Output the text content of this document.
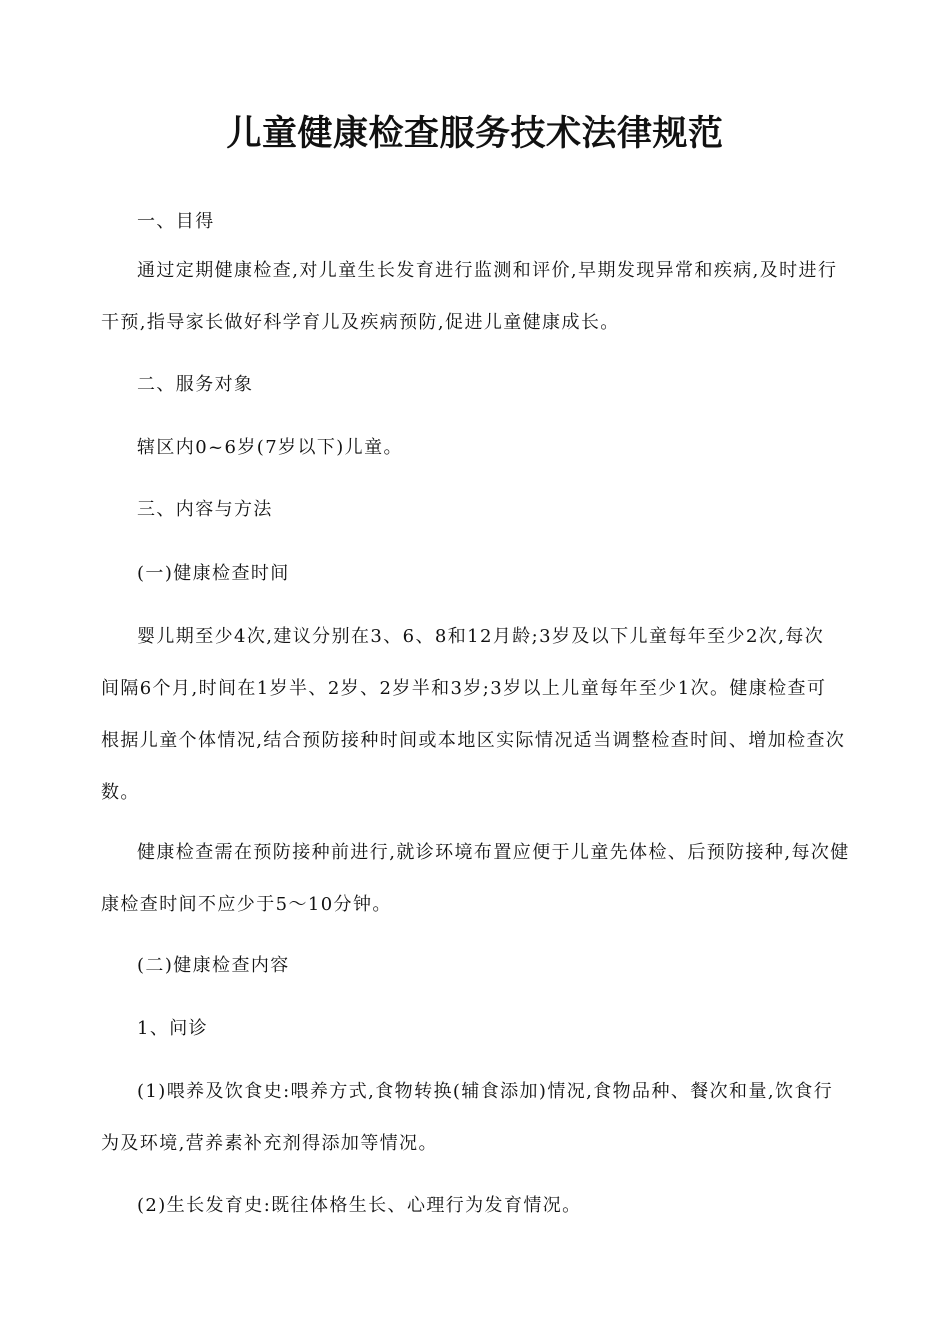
儿童健康检查服务技术法律规范

一、目得

通过定期健康检查,对儿童生长发育进行监测和评价,早期发现异常和疾病,及时进行
干预,指导家长做好科学育儿及疾病预防,促进儿童健康成长。

二、服务对象

辖区内0~6岁(7岁以下)儿童。

三、内容与方法

(一)健康检查时间

婴儿期至少4次,建议分别在3、6、8和12月龄;3岁及以下儿童每年至少2次,每次
间隔6个月,时间在1岁半、2岁、2岁半和3岁;3岁以上儿童每年至少1次。健康检查可
根据儿童个体情况,结合预防接种时间或本地区实际情况适当调整检查时间、增加检查次
数。

健康检查需在预防接种前进行,就诊环境布置应便于儿童先体检、后预防接种,每次健
康检查时间不应少于5～10分钟。

(二)健康检查内容

1、问诊

(1)喂养及饮食史:喂养方式,食物转换(辅食添加)情况,食物品种、餐次和量,饮食行
为及环境,营养素补充剂得添加等情况。

(2)生长发育史:既往体格生长、心理行为发育情况。
